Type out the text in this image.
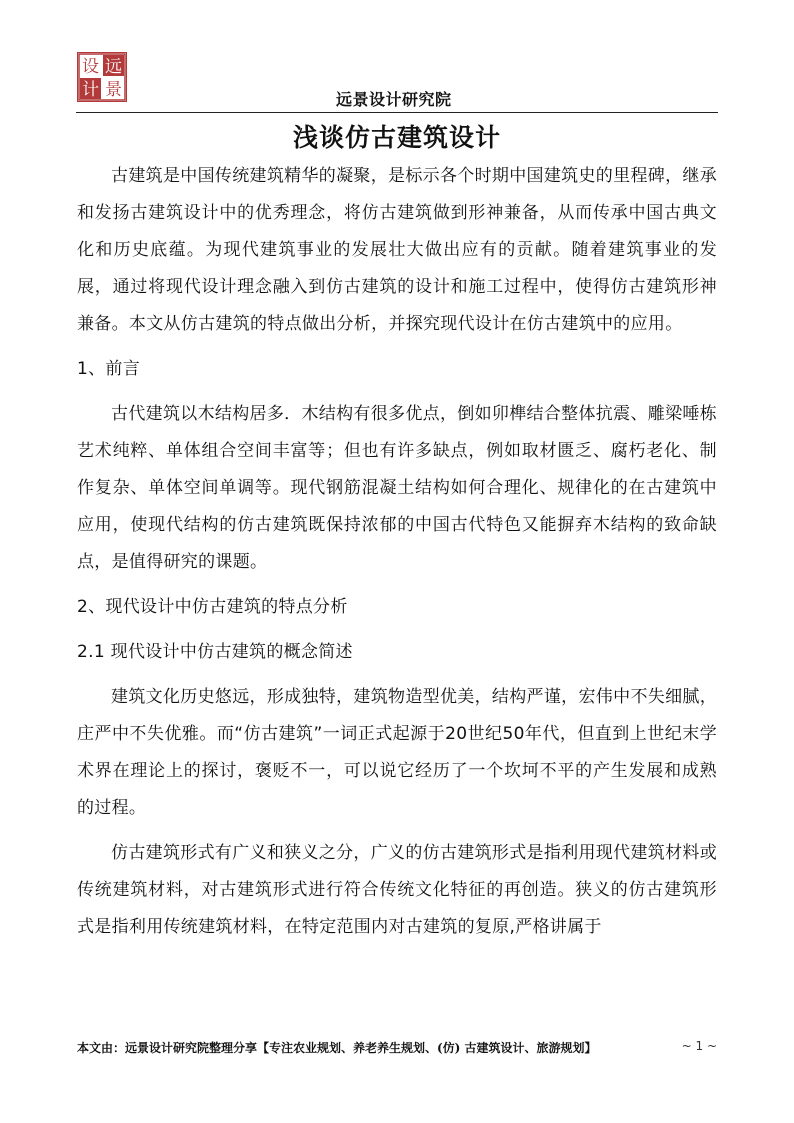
远
景
设
计	远景设计研究院
浅谈仿古建筑设计

古建筑是中国传统建筑精华的凝聚，是标示各个时期中国建筑史的里程碑，继承和发扬古建筑设计中的优秀理念，将仿古建筑做到形神兼备，从而传承中国古典文化和历史底蕴。为现代建筑事业的发展壮大做出应有的贡献。随着建筑事业的发展，通过将现代设计理念融入到仿古建筑的设计和施工过程中，使得仿古建筑形神兼备。本文从仿古建筑的特点做出分析，并探究现代设计在仿古建筑中的应用。

1、前言

古代建筑以木结构居多．木结构有很多优点，倒如卯榫结合整体抗震、雕梁唾栋艺术纯粹、单体组合空间丰富等；但也有许多缺点，例如取材匮乏、腐朽老化、制作复杂、单体空间单调等。现代钢筋混凝土结构如何合理化、规律化的在古建筑中应用，使现代结构的仿古建筑既保持浓郁的中国古代特色又能摒弃木结构的致命缺点，是值得研究的课题。

2、现代设计中仿古建筑的特点分析

2.1 现代设计中仿古建筑的概念简述

建筑文化历史悠远，形成独特，建筑物造型优美，结构严谨，宏伟中不失细腻，庄严中不失优雅。而“仿古建筑”一词正式起源于20世纪50年代，但直到上世纪末学术界在理论上的探讨，褒贬不一，可以说它经历了一个坎坷不平的产生发展和成熟的过程。

仿古建筑形式有广义和狭义之分，广义的仿古建筑形式是指利用现代建筑材料或传统建筑材料，对古建筑形式进行符合传统文化特征的再创造。狭义的仿古建筑形式是指利用传统建筑材料，在特定范围内对古建筑的复原,严格讲属于

本文由：远景设计研究院整理分享【专注农业规划、养老养生规划、(仿) 古建筑设计、旅游规划】	~ 1 ~
